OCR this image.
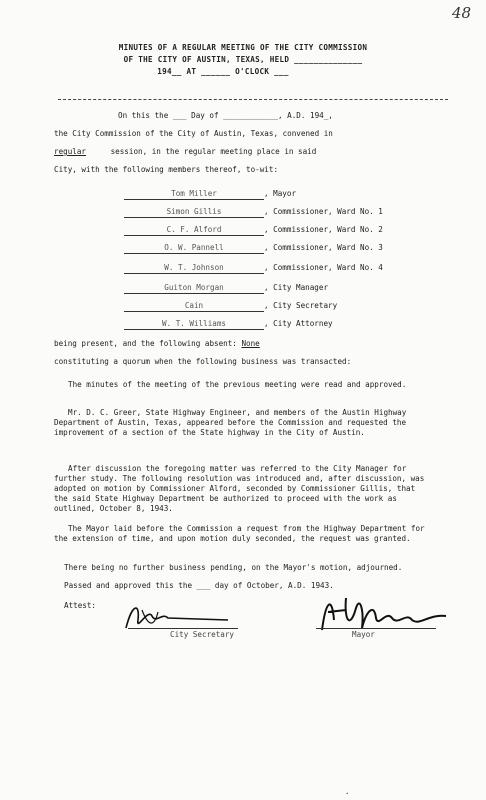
48
MINUTES OF A REGULAR MEETING OF THE CITY COMMISSION
OF THE CITY OF AUSTIN, TEXAS, HELD ______________
194__ AT ______ O'CLOCK ___
On this the ___ Day of ____________, A.D. 194_,
the City Commission of the City of Austin, Texas, convened in
regular	session, in the regular meeting place in said
City, with the following members thereof, to-wit:
Tom Miller	, Mayor
Simon Gillis	, Commissioner, Ward No. 1
C. F. Alford	, Commissioner, Ward No. 2
O. W. Pannell	, Commissioner, Ward No. 3
W. T. Johnson	, Commissioner, Ward No. 4
Guiton Morgan	, City Manager
Cain	, City Secretary
W. T. Williams	, City Attorney
being present, and the following absent: None
constituting a quorum when the following business was transacted:
The minutes of the meeting of the previous meeting were read and approved.
Mr. D. C. Greer, State Highway Engineer, and members of the Austin Highway Department of Austin, Texas, appeared before the Commission and requested the improvement of a section of the State highway in the City of Austin.
After discussion the foregoing matter was referred to the City Manager for further study. The following resolution was introduced and, after discussion, was adopted on motion by Commissioner Alford, seconded by Commissioner Gillis, that the said State Highway Department be authorized to proceed with the work as outlined, October 8, 1943.
The Mayor laid before the Commission a request from the Highway Department for the extension of time, and upon motion duly seconded, the request was granted.
There being no further business pending, on the Mayor's motion, adjourned.
Passed and approved this the ___ day of October, A.D. 1943.
Attest:
City Secretary	Mayor
•
